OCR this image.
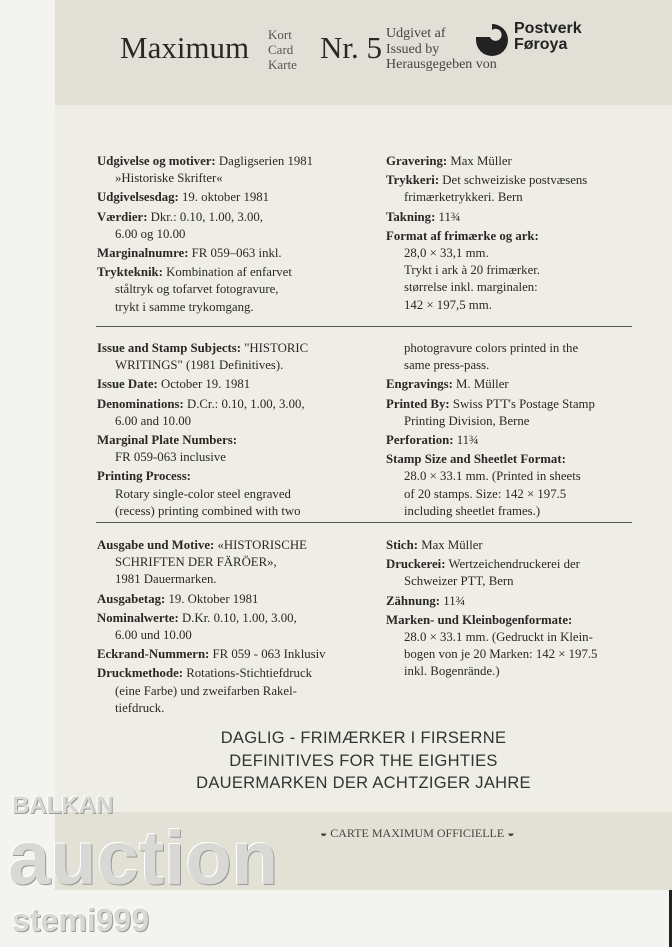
Maximum Kort
Card
Karte Nr. 5 Udgivet af
Issued by
Herausgegeben von
Postverk
Føroya

Udgivelse og motiver: Dagligserien 1981

»Historiske Skrifter«

Udgivelsesdag: 19. oktober 1981

Værdier: Dkr.: 0.10, 1.00, 3.00,

6.00 og 10.00

Marginalnumre: FR 059–063 inkl.

Trykteknik: Kombination af enfarvet

ståltryk og tofarvet fotogravure,

trykt i samme trykomgang.

Gravering: Max Müller

Trykkeri: Det schweiziske postvæsens

frimærketrykkeri. Bern

Takning: 11¾

Format af frimærke og ark:

28,0 × 33,1 mm.

Trykt i ark à 20 frimærker.

størrelse inkl. marginalen:

142 × 197,5 mm.

Issue and Stamp Subjects: "HISTORIC

WRITINGS" (1981 Definitives).

Issue Date: October 19. 1981

Denominations: D.Cr.: 0.10, 1.00, 3.00,

6.00 and 10.00

Marginal Plate Numbers:

FR 059-063 inclusive

Printing Process:

Rotary single-color steel engraved

(recess) printing combined with two

photogravure colors printed in the

same press-pass.

Engravings: M. Müller

Printed By: Swiss PTT's Postage Stamp

Printing Division, Berne

Perforation: 11¾

Stamp Size and Sheetlet Format:

28.0 × 33.1 mm. (Printed in sheets

of 20 stamps. Size: 142 × 197.5

including sheetlet frames.)

Ausgabe und Motive: «HISTORISCHE

SCHRIFTEN DER FÄRÖER»,

1981 Dauermarken.

Ausgabetag: 19. Oktober 1981

Nominalwerte: D.Kr. 0.10, 1.00, 3.00,

6.00 und 10.00

Eckrand-Nummern: FR 059 - 063 Inklusiv

Druckmethode: Rotations-Stichtiefdruck

(eine Farbe) und zweifarben Rakel-

tiefdruck.

Stich: Max Müller

Druckerei: Wertzeichendruckerei der

Schweizer PTT, Bern

Zähnung: 11¾

Marken- und Kleinbogenformate:

28.0 × 33.1 mm. (Gedruckt in Klein-

bogen von je 20 Marken: 142 × 197.5

inkl. Bogenrände.)

DAGLIG - FRIMÆRKER I FIRSERNE
DEFINITIVES FOR THE EIGHTIES
DAUERMARKEN DER ACHTZIGER JAHRE
◒ CARTE MAXIMUM OFFICIELLE ◒
BALKAN
auction
stemi999
